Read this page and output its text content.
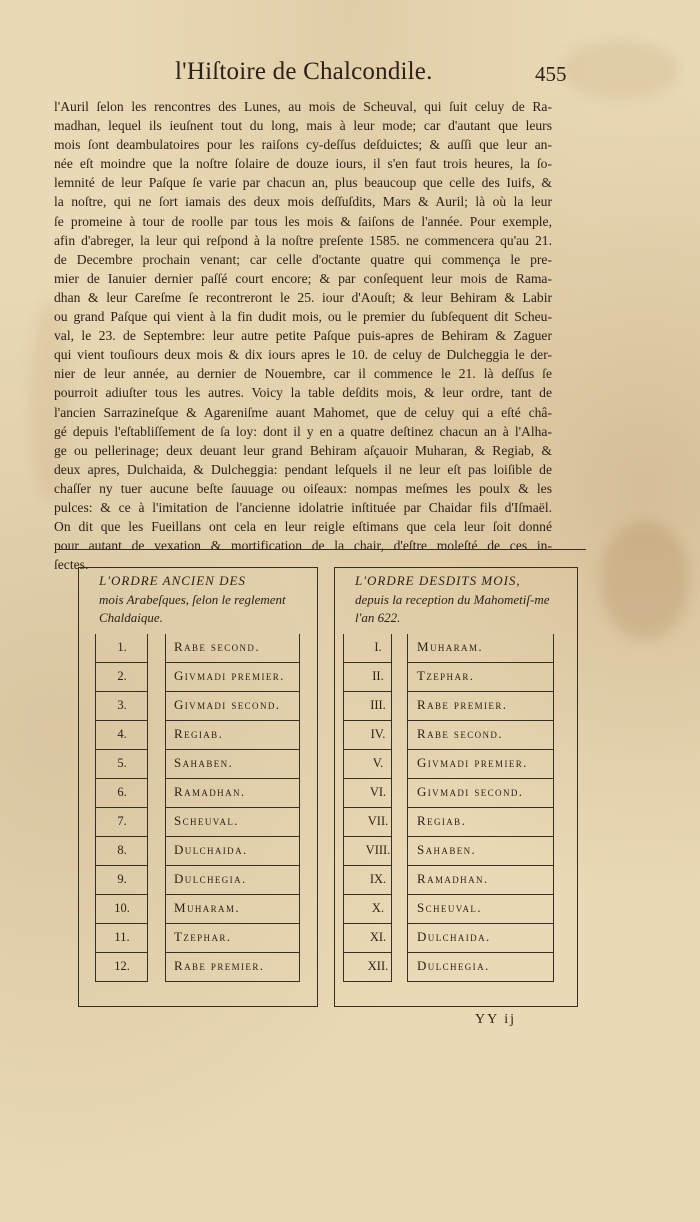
l'Hiſtoire de Chalcondile.	455
l'Auril ſelon les rencontres des Lunes, au mois de Scheuval, qui ſuit celuy de Ra-
madhan, lequel ils ieuſnent tout du long, mais à leur mode; car d'autant que leurs
mois ſont deambulatoires pour les raiſons cy-deſſus deſduictes; & auſſi que leur an-
née eſt moindre que la noſtre ſolaire de douze iours, il s'en faut trois heures, la ſo-
lemnité de leur Paſque ſe varie par chacun an, plus beaucoup que celle des Iuifs, &
la noſtre, qui ne ſort iamais des deux mois deſſuſdits, Mars & Auril; là où la leur
ſe promeine à tour de roolle par tous les mois & ſaiſons de l'année. Pour exemple,
afin d'abreger, la leur qui reſpond à la noſtre preſente 1585. ne commencera qu'au 21.
de Decembre prochain venant; car celle d'octante quatre qui commença le pre-
mier de Ianuier dernier paſſé court encore; & par conſequent leur mois de Rama-
dhan & leur Careſme ſe recontreront le 25. iour d'Aouſt; & leur Behiram & Labir
ou grand Paſque qui vient à la fin dudit mois, ou le premier du ſubſequent dit Scheu-
val, le 23. de Septembre: leur autre petite Paſque puis-apres de Behiram & Zaguer
qui vient touſiours deux mois & dix iours apres le 10. de celuy de Dulcheggia le der-
nier de leur année, au dernier de Nouembre, car il commence le 21. là deſſus ſe
pourroit adiuſter tous les autres. Voicy la table deſdits mois, & leur ordre, tant de
l'ancien Sarrazineſque & Agareniſme auant Mahomet, que de celuy qui a eſté châ-
gé depuis l'eſtabliſſement de ſa loy: dont il y en a quatre deſtinez chacun an à l'Alha-
ge ou pellerinage; deux deuant leur grand Behiram aſçauoir Muharan, & Regiab, &
deux apres, Dulchaida, & Dulcheggia: pendant leſquels il ne leur eſt pas loiſible de
chaſſer ny tuer aucune beſte ſauuage ou oiſeaux: nompas meſmes les poulx & les
pulces: & ce à l'imitation de l'ancienne idolatrie inſtituée par Chaidar fils d'Iſmaël.
On dit que les Fueillans ont cela en leur reigle eſtimans que cela leur ſoit donné
pour autant de vexation & mortification de la chair, d'eſtre moleſté de ces in-
ſectes.
L'ORDRE ANCIEN DES
mois Arabeſques, ſelon le reglement Chaldaique.
1.	Rabe ſecond.
2.	Givmadi premier.
3.	Givmadi ſecond.
4.	Regiab.
5.	Sahaben.
6.	Ramadhan.
7.	Scheuval.
8.	Dulchaida.
9.	Dulchegia.
10.	Muharam.
11.	Tzephar.
12.	Rabe premier.
L'ORDRE DESDITS MOIS,
depuis la reception du Mahometiſ-me l'an 622.
I.	Muharam.
II.	Tzephar.
III.	Rabe premier.
IV.	Rabe ſecond.
V.	Givmadi premier.
VI.	Givmadi ſecond.
VII.	Regiab.
VIII.	Sahaben.
IX.	Ramadhan.
X.	Scheuval.
XI.	Dulchaida.
XII.	Dulchegia.
YY ij
